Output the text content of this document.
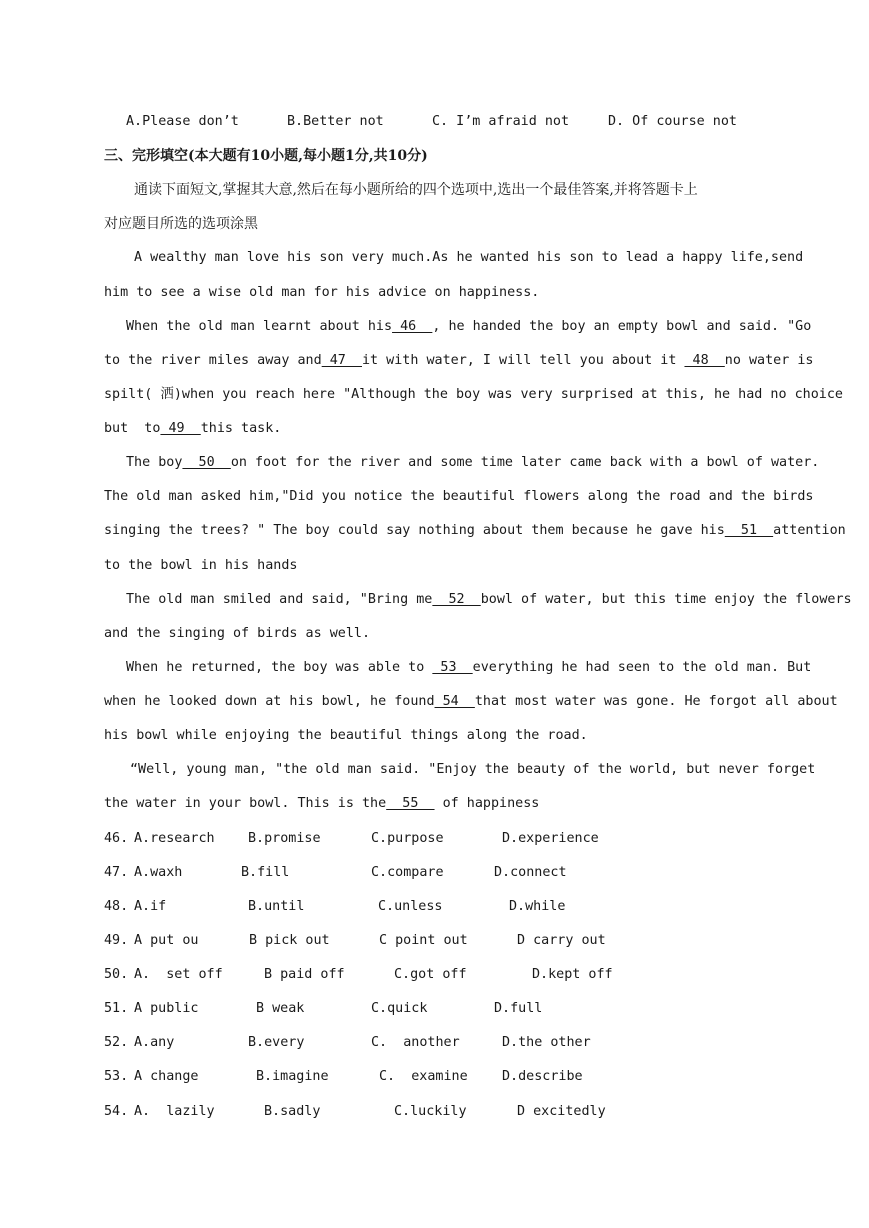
A.Please don’t	B.Better not	C. I’m afraid not	D. Of course not
三、完形填空(本大题有10小题,每小题1分,共10分)
通读下面短文,掌握其大意,然后在每小题所给的四个选项中,选出一个最佳答案,并将答题卡上
对应题目所选的选项涂黑
A wealthy man love his son very much.As he wanted his son to lead a happy life,send
him to see a wise old man for his advice on happiness.
When the old man learnt about his 46  , he handed the boy an empty bowl and said. "Go
to the river miles away and 47  it with water, I will tell you about it  48  no water is
spilt( 洒)when you reach here "Although the boy was very surprised at this, he had no choice
but  to 49  this task.
The boy  50  on foot for the river and some time later came back with a bowl of water.
The old man asked him,"Did you notice the beautiful flowers along the road and the birds
singing the trees? " The boy could say nothing about them because he gave his  51  attention
to the bowl in his hands
The old man smiled and said, "Bring me  52  bowl of water, but this time enjoy the flowers
and the singing of birds as well.
When he returned, the boy was able to  53  everything he had seen to the old man. But
when he looked down at his bowl, he found 54  that most water was gone. He forgot all about
his bowl while enjoying the beautiful things along the road.
“Well, young man, "the old man said. "Enjoy the beauty of the world, but never forget
the water in your bowl. This is the  55   of happiness
46. A.research B.promise	C.purpose	D.experience
47. A.waxh	B.fill	C.compare	D.connect
48. A.if	B.until	C.unless	D.while
49. A put ou	B pick out	C point out	D carry out
50. A.  set off	B paid off	C.got off	D.kept off
51. A public	B weak	C.quick	D.full
52. A.any	B.every	C.  another	D.the other
53. A change	B.imagine	C.  examine	D.describe
54. A.  lazily	B.sadly	C.luckily	D excitedly
